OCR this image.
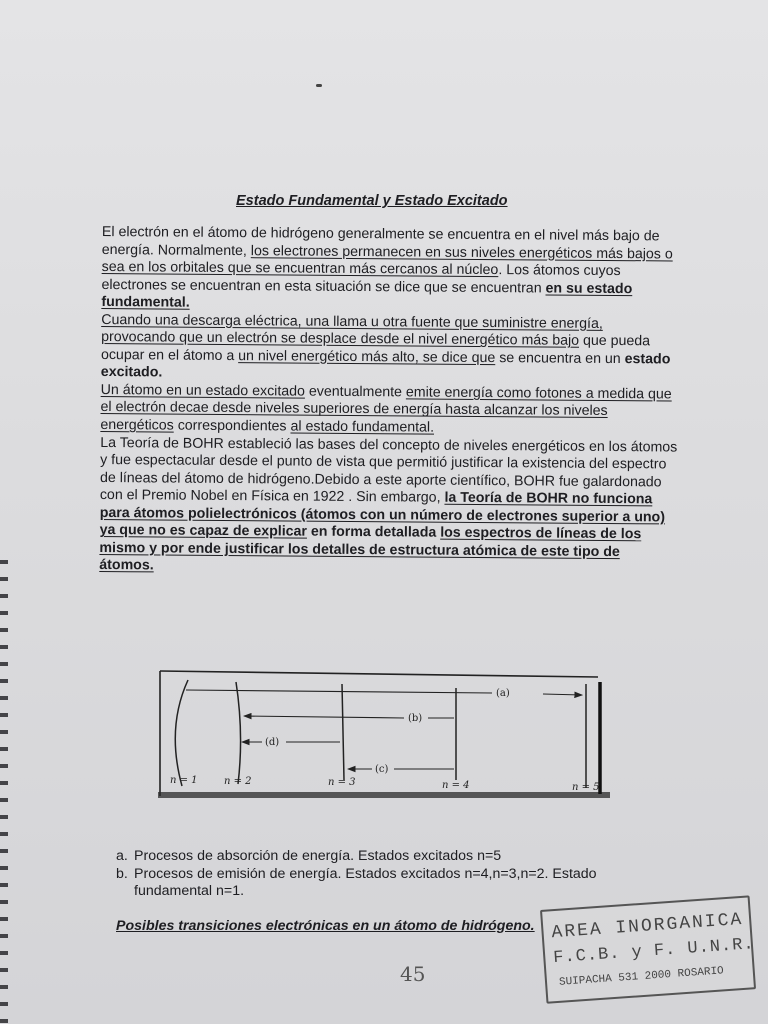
Estado Fundamental y Estado Excitado

El electrón en el átomo de hidrógeno generalmente se encuentra en el nivel más bajo de energía. Normalmente, los electrones permanecen en sus niveles energéticos más bajos o sea en los orbitales que se encuentran más cercanos al núcleo. Los átomos cuyos electrones se encuentran en esta situación se dice que se encuentran en su estado fundamental.

Cuando una descarga eléctrica, una llama u otra fuente que suministre energía, provocando que un electrón se desplace desde el nivel energético más bajo que pueda ocupar en el átomo a un nivel energético más alto, se dice que se encuentra en un estado excitado.

Un átomo en un estado excitado eventualmente emite energía como fotones a medida que el electrón decae desde niveles superiores de energía hasta alcanzar los niveles energéticos correspondientes al estado fundamental.

La Teoría de BOHR estableció las bases del concepto de niveles energéticos en los átomos y fue espectacular desde el punto de vista que permitió justificar la existencia del espectro de líneas del átomo de hidrógeno.Debido a este aporte científico, BOHR fue galardonado con el Premio Nobel en Física en 1922 . Sin embargo, la Teoría de BOHR no funciona para átomos polielectrónicos (átomos con un número de electrones superior a uno) ya que no es capaz de explicar en forma detallada los espectros de líneas de los mismo y por ende justificar los detalles de estructura atómica de este tipo de átomos.

(a)
(b)
(d)
(c)
n = 1	n = 2	n = 3	n = 4	n = 5
a. Procesos de absorción de energía. Estados excitados n=5
b. Procesos de emisión de energía. Estados excitados n=4,n=3,n=2. Estado fundamental n=1.
Posibles transiciones electrónicas en un átomo de hidrógeno.
45
AREA INORGANICA
F.C.B. y F. U.N.R.
SUIPACHA 531 2000 ROSARIO
